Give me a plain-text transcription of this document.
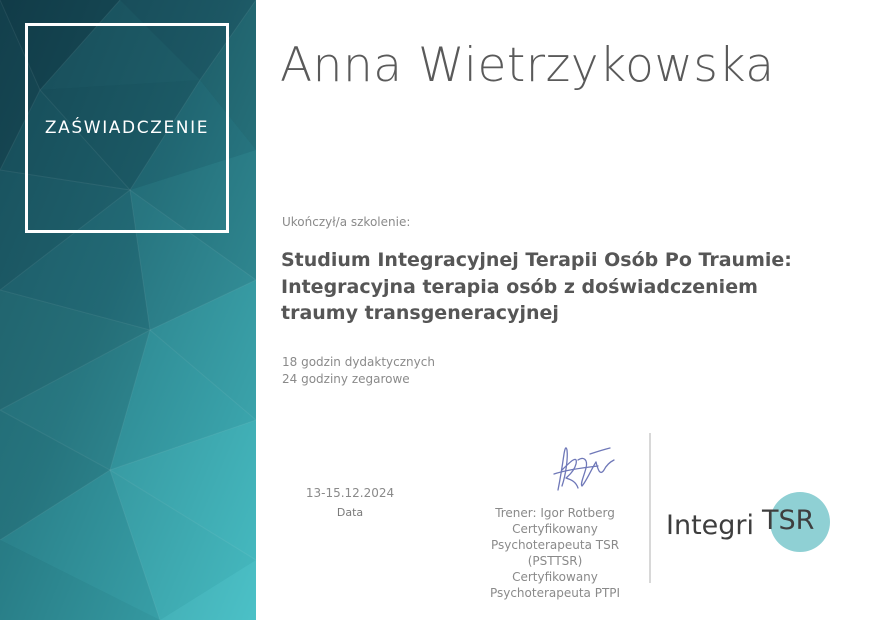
ZAŚWIADCZENIE
Anna Wietrzykowska
Ukończył/a szkolenie:
Studium Integracyjnej Terapii Osób Po Traumie:
Integracyjna terapia osób z doświadczeniem
traumy transgeneracyjnej
18 godzin dydaktycznych
24 godziny zegarowe
13-15.12.2024
Data	Trener: Igor Rotberg
Certyfikowany
Psychoterapeuta TSR
(PSTTSR)
Certyfikowany
Psychoterapeuta PTPI
Integri TSR
